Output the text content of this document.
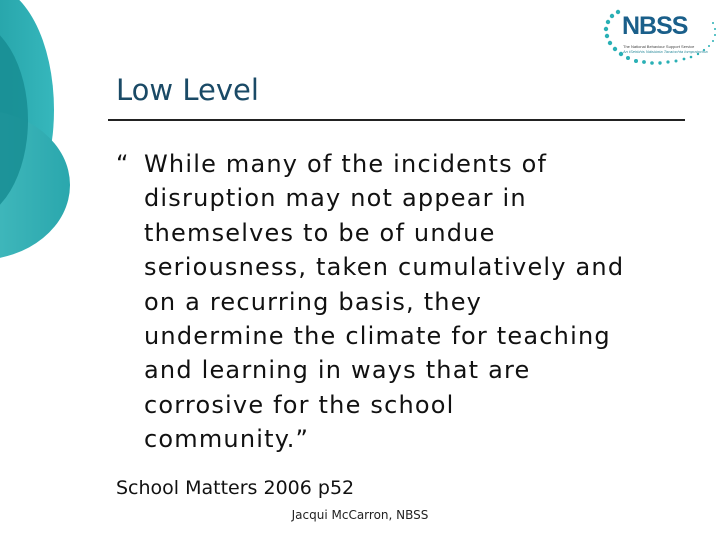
NBSS
The National Behaviour Support Service
An tSeirbhís Náisiúnta Tacaíochta Iompraíochta
Low Level
“ While many of the incidents of
disruption may not appear in
themselves to be of undue
seriousness, taken cumulatively and
on a recurring basis, they
undermine the climate for teaching
and learning in ways that are
corrosive for the school
community.”
School Matters 2006 p52
Jacqui McCarron, NBSS
